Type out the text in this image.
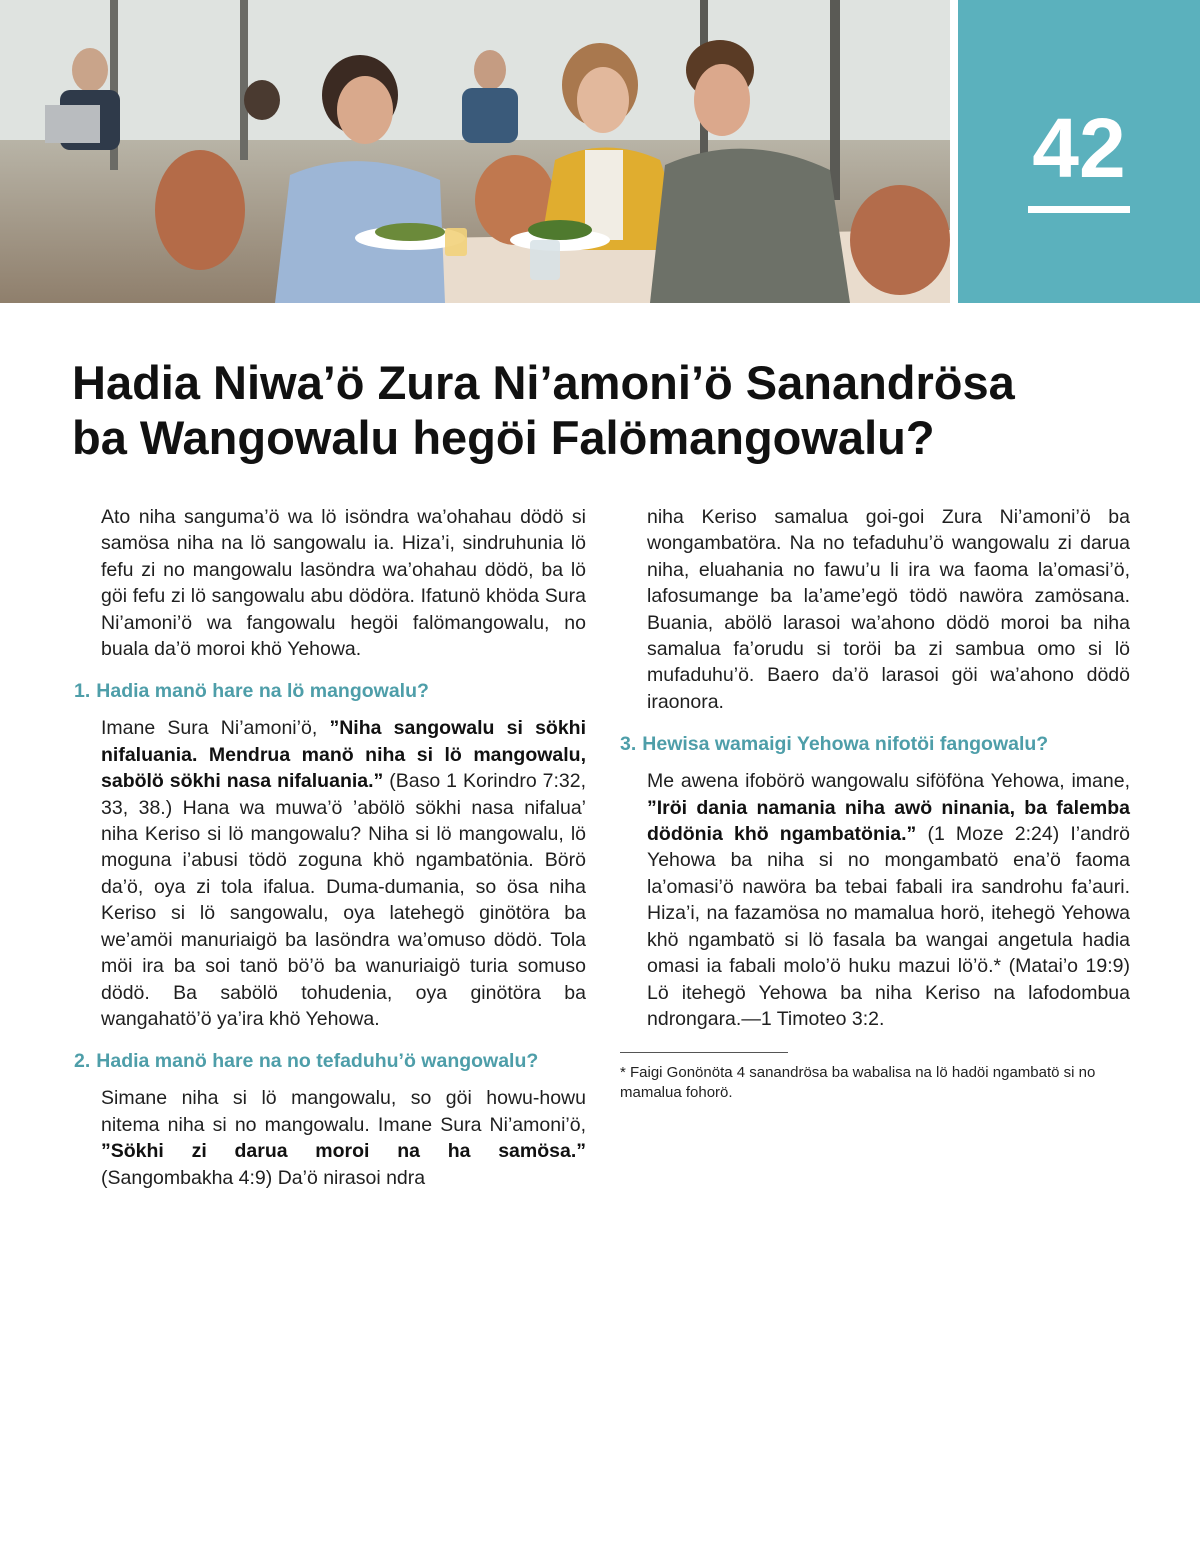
42
Hadia Niwa’ö Zura Ni’amoni’ö Sanandrösa
ba Wangowalu hegöi Falömangowalu?

Ato niha sanguma’ö wa lö isöndra wa’ohahau dödö si samösa niha na lö sangowalu ia. Hiza’i, sindruhunia lö fefu zi no mangowalu lasöndra wa’ohahau dödö, ba lö göi fefu zi lö sangowalu abu dödöra. Ifatunö khöda Sura Ni’amoni’ö wa fangowalu hegöi falömangowalu, no buala da’ö moroi khö Yehowa.

1. Hadia manö hare na lö mangowalu?

Imane Sura Ni’amoni’ö, ”Niha sangowalu si sökhi nifaluania. Mendrua manö niha si lö mangowalu, sabölö sökhi nasa nifaluania.” (Baso 1 Korindro 7:32, 33, 38.) Hana wa muwa’ö ’abölö sökhi nasa nifalua’ niha Keriso si lö mangowalu? Niha si lö mangowalu, lö moguna i’abusi tödö zoguna khö ngambatönia. Börö da’ö, oya zi tola ifalua. Duma-dumania, so ösa niha Keriso si lö sangowalu, oya latehegö ginötöra ba we’amöi manuriaigö ba lasöndra wa’omuso dödö. Tola möi ira ba soi tanö bö’ö ba wanuriaigö turia somuso dödö. Ba sabölö tohudenia, oya ginötöra ba wangahatö’ö ya’ira khö Yehowa.

2. Hadia manö hare na no tefaduhu’ö wangowalu?

Simane niha si lö mangowalu, so göi howu-howu nitema niha si no mangowalu. Imane Sura Ni’amoni’ö, ”Sökhi zi darua moroi na ha samösa.” (Sangombakha 4:9) Da’ö nirasoi ndra

niha Keriso samalua goi-goi Zura Ni’amoni’ö ba wongambatöra. Na no tefaduhu’ö wangowalu zi darua niha, eluahania no fawu’u li ira wa faoma la’omasi’ö, lafosumange ba la’ame’egö tödö nawöra zamösana. Buania, abölö larasoi wa’ahono dödö moroi ba niha samalua fa’orudu si toröi ba zi sambua omo si lö mufaduhu’ö. Baero da’ö larasoi göi wa’ahono dödö iraonora.

3. Hewisa wamaigi Yehowa nifotöi fangowalu?

Me awena ifobörö wangowalu siföföna Yehowa, imane, ”Iröi dania namania niha awö ninania, ba falemba dödönia khö ngambatönia.” (1 Moze 2:24) I’andrö Yehowa ba niha si no mongambatö ena’ö faoma la’omasi’ö nawöra ba tebai fabali ira sandrohu fa’auri. Hiza’i, na fazamösa no mamalua horö, itehegö Yehowa khö ngambatö si lö fasala ba wangai angetula hadia omasi ia fabali molo’ö huku mazui lö’ö.* (Matai’o 19:9) Lö itehegö Yehowa ba niha Keriso na lafodombua ndrongara.—1 Timoteo 3:2.

* Faigi Gonönöta 4 sanandrösa ba wabalisa na lö hadöi ngambatö si no mamalua fohorö.
